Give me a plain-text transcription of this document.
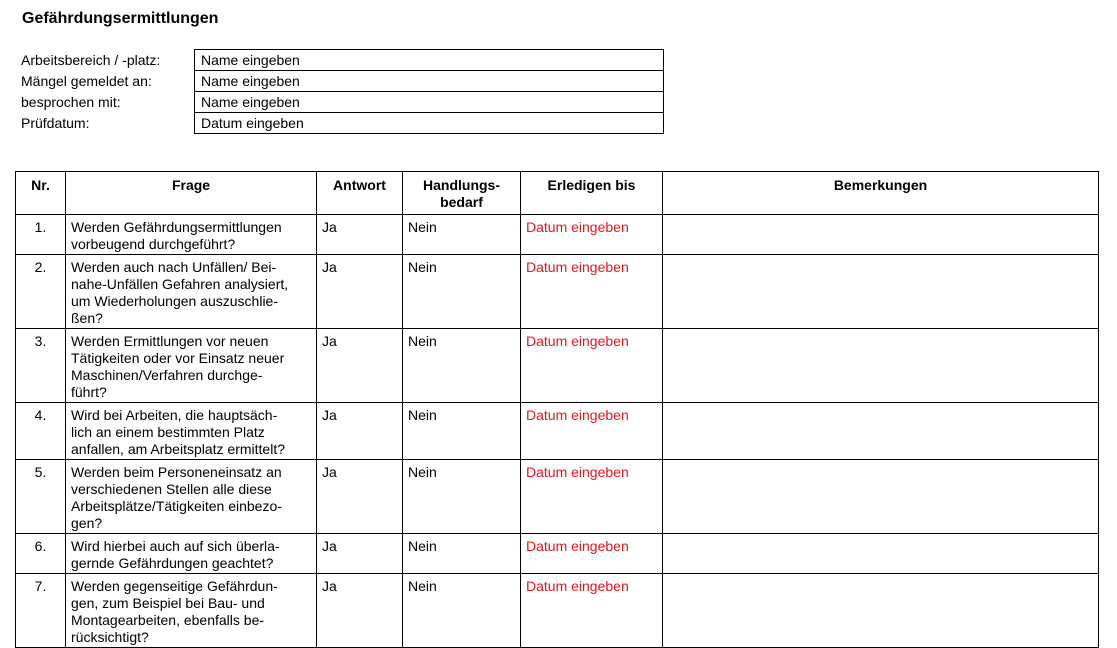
Gefährdungsermittlungen
Arbeitsbereich / -platz:	Name eingeben
Mängel gemeldet an:	Name eingeben
besprochen mit:	Name eingeben
Prüfdatum:	Datum eingeben
Nr.	Frage	Antwort	Handlungs-
bedarf	Erledigen bis	Bemerkungen
1.	Werden Gefährdungsermittlungen
vorbeugend durchgeführt?	Ja	Nein	Datum eingeben	
2.	Werden auch nach Unfällen/ Bei-
nahe-Unfällen Gefahren analysiert,
um Wiederholungen auszuschlie-
ßen?	Ja	Nein	Datum eingeben	
3.	Werden Ermittlungen vor neuen
Tätigkeiten oder vor Einsatz neuer
Maschinen/Verfahren durchge-
führt?	Ja	Nein	Datum eingeben	
4.	Wird bei Arbeiten, die hauptsäch-
lich an einem bestimmten Platz
anfallen, am Arbeitsplatz ermittelt?	Ja	Nein	Datum eingeben	
5.	Werden beim Personeneinsatz an
verschiedenen Stellen alle diese
Arbeitsplätze/Tätigkeiten einbezo-
gen?	Ja	Nein	Datum eingeben	
6.	Wird hierbei auch auf sich überla-
gernde Gefährdungen geachtet?	Ja	Nein	Datum eingeben	
7.	Werden gegenseitige Gefährdun-
gen, zum Beispiel bei Bau- und
Montagearbeiten, ebenfalls be-
rücksichtigt?	Ja	Nein	Datum eingeben	
